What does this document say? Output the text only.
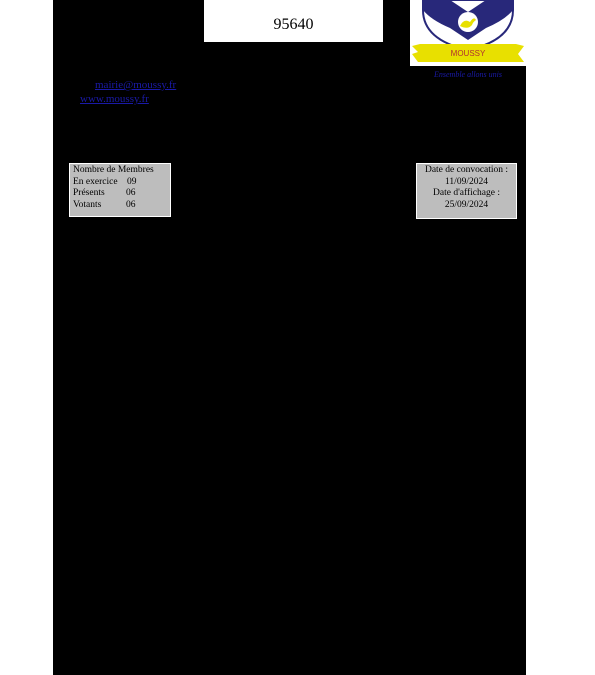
95640
MOUSSY
Ensemble allons unis
mairie@moussy.fr
www.moussy.fr
Nombre de Membres
En exercice 09
Présents 06
Votants	06
Date de convocation :
11/09/2024
Date d'affichage :
25/09/2024
